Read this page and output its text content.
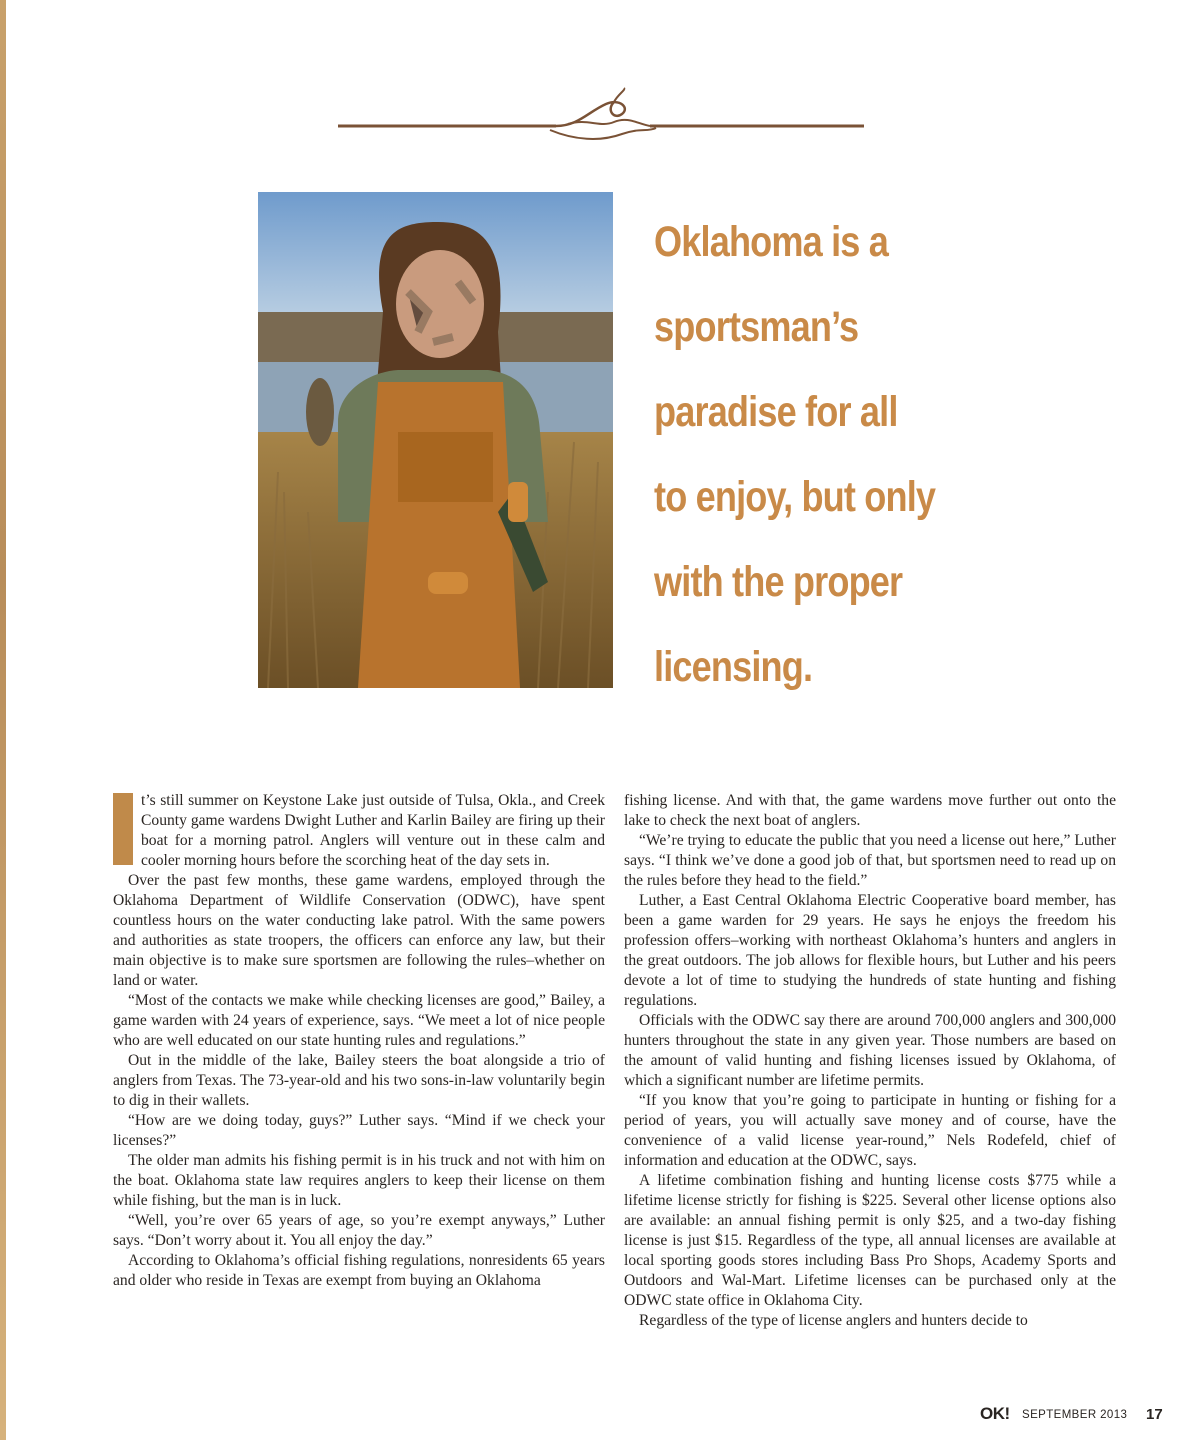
Oklahoma is a
sportsman’s
paradise for all
to enjoy, but only
with the proper
licensing.

t’s still summer on Keystone Lake just outside of Tulsa, Okla., and Creek County game wardens Dwight Luther and Karlin Bailey are firing up their boat for a morning patrol. Anglers will venture out in these calm and cooler morning hours before the scorching heat of the day sets in.

Over the past few months, these game wardens, employed through the Oklahoma Department of Wildlife Conservation (ODWC), have spent countless hours on the water conducting lake patrol. With the same powers and authorities as state troopers, the officers can enforce any law, but their main objective is to make sure sportsmen are following the rules–whether on land or water.

“Most of the contacts we make while checking licenses are good,” Bailey, a game warden with 24 years of experience, says. “We meet a lot of nice people who are well educated on our state hunting rules and regulations.”

Out in the middle of the lake, Bailey steers the boat alongside a trio of anglers from Texas. The 73-year-old and his two sons-in-law voluntarily begin to dig in their wallets.

“How are we doing today, guys?” Luther says. “Mind if we check your licenses?”

The older man admits his fishing permit is in his truck and not with him on the boat. Oklahoma state law requires anglers to keep their license on them while fishing, but the man is in luck.

“Well, you’re over 65 years of age, so you’re exempt anyways,” Luther says. “Don’t worry about it. You all enjoy the day.”

According to Oklahoma’s official fishing regulations, nonresidents 65 years and older who reside in Texas are exempt from buying an Oklahoma

fishing license. And with that, the game wardens move further out onto the lake to check the next boat of anglers.

“We’re trying to educate the public that you need a license out here,” Luther says. “I think we’ve done a good job of that, but sportsmen need to read up on the rules before they head to the field.”

Luther, a East Central Oklahoma Electric Cooperative board member, has been a game warden for 29 years. He says he enjoys the freedom his profession offers–working with northeast Oklahoma’s hunters and anglers in the great outdoors. The job allows for flexible hours, but Luther and his peers devote a lot of time to studying the hundreds of state hunting and fishing regulations.

Officials with the ODWC say there are around 700,000 anglers and 300,000 hunters throughout the state in any given year. Those numbers are based on the amount of valid hunting and fishing licenses issued by Oklahoma, of which a significant number are lifetime permits.

“If you know that you’re going to participate in hunting or fishing for a period of years, you will actually save money and of course, have the convenience of a valid license year-round,” Nels Rodefeld, chief of information and education at the ODWC, says.

A lifetime combination fishing and hunting license costs $775 while a lifetime license strictly for fishing is $225. Several other license options also are available: an annual fishing permit is only $25, and a two-day fishing license is just $15. Regardless of the type, all annual licenses are available at local sporting goods stores including Bass Pro Shops, Academy Sports and Outdoors and Wal-Mart. Lifetime licenses can be purchased only at the ODWC state office in Oklahoma City.

Regardless of the type of license anglers and hunters decide to

OK! SEPTEMBER 2013 17
